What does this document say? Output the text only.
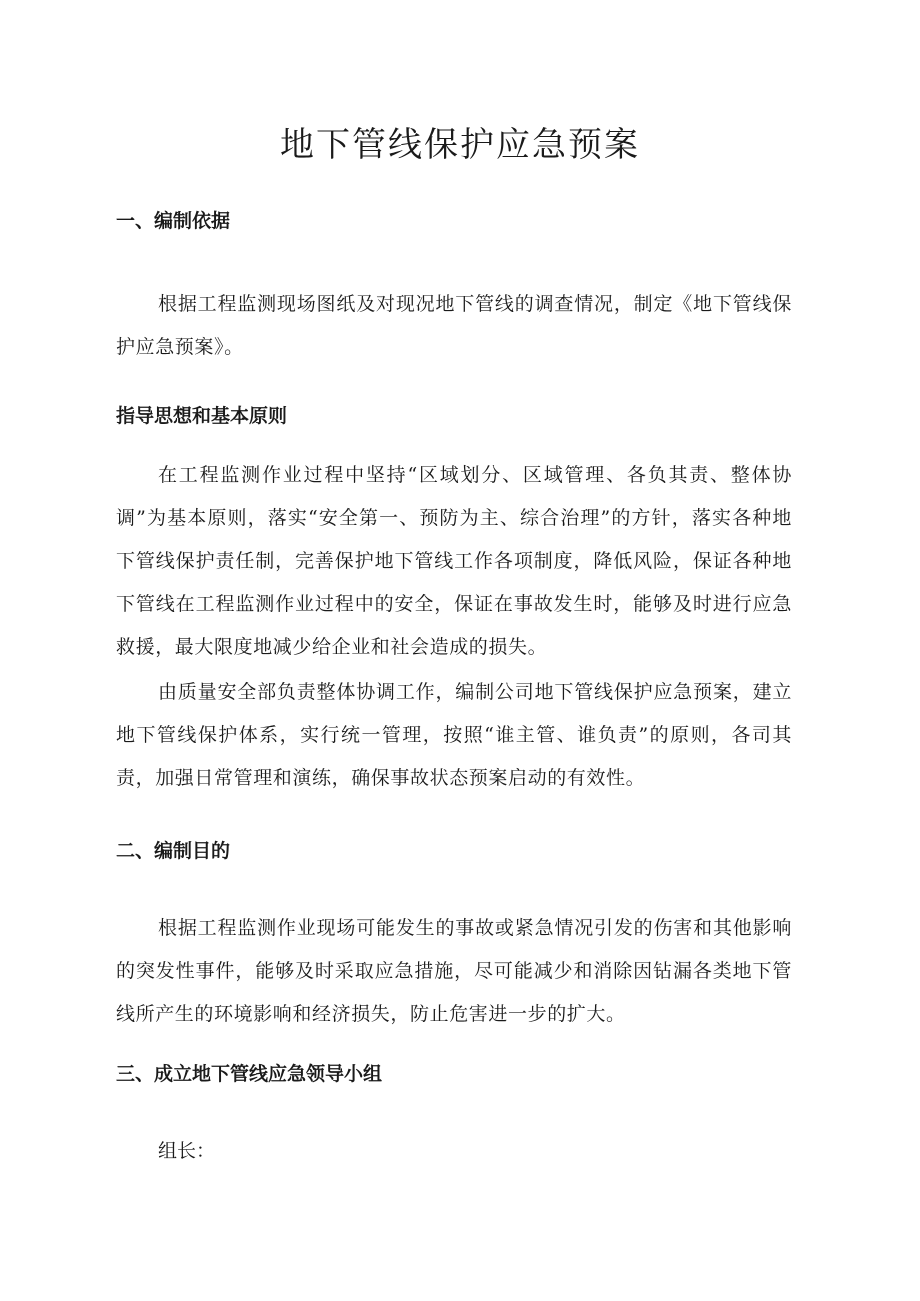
地下管线保护应急预案
一、编制依据

根据工程监测现场图纸及对现况地下管线的调查情况，制定《地下管线保护应急预案》。

指导思想和基本原则

在工程监测作业过程中坚持“区域划分、区域管理、各负其责、整体协调”为基本原则，落实“安全第一、预防为主、综合治理”的方针，落实各种地下管线保护责任制，完善保护地下管线工作各项制度，降低风险，保证各种地下管线在工程监测作业过程中的安全，保证在事故发生时，能够及时进行应急救援，最大限度地减少给企业和社会造成的损失。

由质量安全部负责整体协调工作，编制公司地下管线保护应急预案，建立地下管线保护体系，实行统一管理，按照“谁主管、谁负责”的原则，各司其责，加强日常管理和演练，确保事故状态预案启动的有效性。

二、编制目的

根据工程监测作业现场可能发生的事故或紧急情况引发的伤害和其他影响的突发性事件，能够及时采取应急措施，尽可能减少和消除因钻漏各类地下管线所产生的环境影响和经济损失，防止危害进一步的扩大。

三、成立地下管线应急领导小组

组长：
